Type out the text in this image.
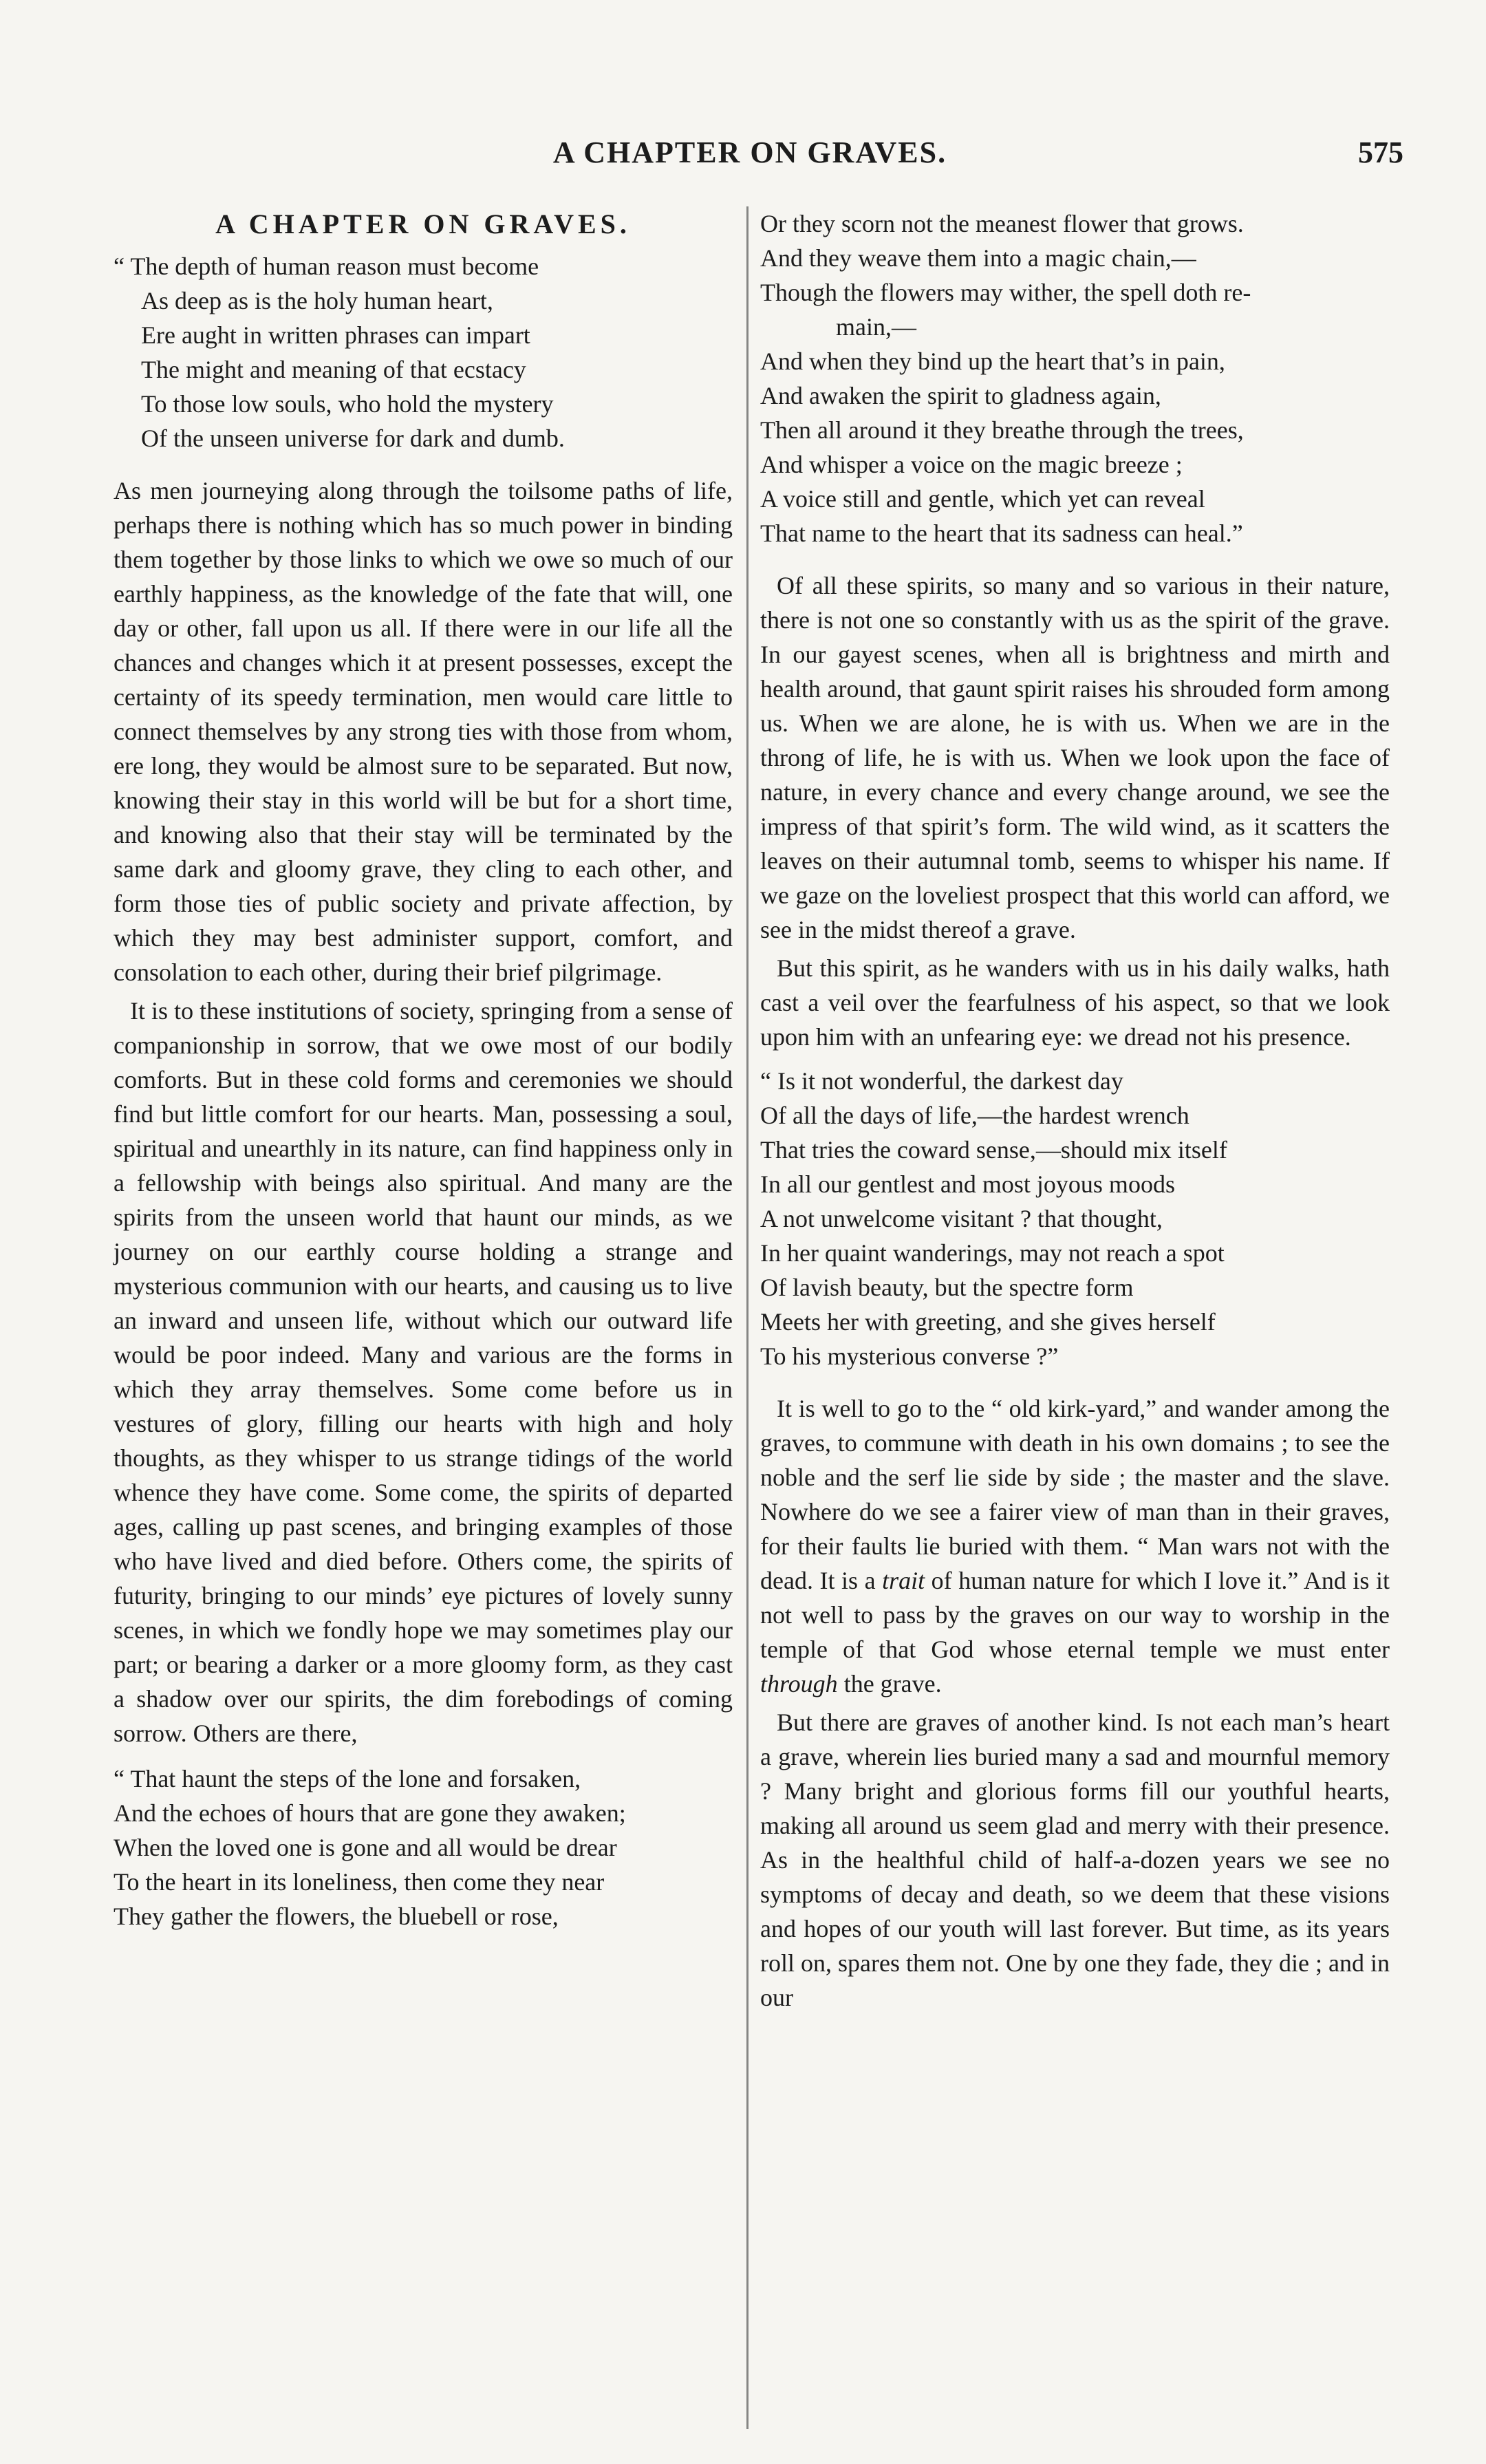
A CHAPTER ON GRAVES.	575
A CHAPTER ON GRAVES.
“ The depth of human reason must become
As deep as is the holy human heart,
Ere aught in written phrases can impart
The might and meaning of that ecstacy
To those low souls, who hold the mystery
Of the unseen universe for dark and dumb.

As men journeying along through the toilsome paths of life, perhaps there is nothing which has so much power in binding them together by those links to which we owe so much of our earthly happiness, as the knowledge of the fate that will, one day or other, fall upon us all. If there were in our life all the chances and changes which it at present possesses, except the certainty of its speedy termination, men would care little to connect themselves by any strong ties with those from whom, ere long, they would be almost sure to be separated. But now, knowing their stay in this world will be but for a short time, and knowing also that their stay will be terminated by the same dark and gloomy grave, they cling to each other, and form those ties of public society and private affection, by which they may best administer support, comfort, and consolation to each other, during their brief pilgrimage.

It is to these institutions of society, springing from a sense of companionship in sorrow, that we owe most of our bodily comforts. But in these cold forms and ceremonies we should find but little comfort for our hearts. Man, possessing a soul, spiritual and unearthly in its nature, can find happiness only in a fellowship with beings also spiritual. And many are the spirits from the unseen world that haunt our minds, as we journey on our earthly course holding a strange and mysterious communion with our hearts, and causing us to live an inward and unseen life, without which our outward life would be poor indeed. Many and various are the forms in which they array themselves. Some come before us in vestures of glory, filling our hearts with high and holy thoughts, as they whisper to us strange tidings of the world whence they have come. Some come, the spirits of departed ages, calling up past scenes, and bringing examples of those who have lived and died before. Others come, the spirits of futurity, bringing to our minds’ eye pictures of lovely sunny scenes, in which we fondly hope we may sometimes play our part; or bearing a darker or a more gloomy form, as they cast a shadow over our spirits, the dim forebodings of coming sorrow. Others are there,

“ That haunt the steps of the lone and forsaken,
And the echoes of hours that are gone they awaken;
When the loved one is gone and all would be drear
To the heart in its loneliness, then come they near
They gather the flowers, the bluebell or rose,
Or they scorn not the meanest flower that grows.
And they weave them into a magic chain,—
Though the flowers may wither, the spell doth re-
main,—
And when they bind up the heart that’s in pain,
And awaken the spirit to gladness again,
Then all around it they breathe through the trees,
And whisper a voice on the magic breeze ;
A voice still and gentle, which yet can reveal
That name to the heart that its sadness can heal.”

Of all these spirits, so many and so various in their nature, there is not one so constantly with us as the spirit of the grave. In our gayest scenes, when all is brightness and mirth and health around, that gaunt spirit raises his shrouded form among us. When we are alone, he is with us. When we are in the throng of life, he is with us. When we look upon the face of nature, in every chance and every change around, we see the impress of that spirit’s form. The wild wind, as it scatters the leaves on their autumnal tomb, seems to whisper his name. If we gaze on the loveliest prospect that this world can afford, we see in the midst thereof a grave.

But this spirit, as he wanders with us in his daily walks, hath cast a veil over the fearfulness of his aspect, so that we look upon him with an unfearing eye: we dread not his presence.

“ Is it not wonderful, the darkest day
Of all the days of life,—the hardest wrench
That tries the coward sense,—should mix itself
In all our gentlest and most joyous moods
A not unwelcome visitant ? that thought,
In her quaint wanderings, may not reach a spot
Of lavish beauty, but the spectre form
Meets her with greeting, and she gives herself
To his mysterious converse ?”

It is well to go to the “ old kirk-yard,” and wander among the graves, to commune with death in his own domains ; to see the noble and the serf lie side by side ; the master and the slave. Nowhere do we see a fairer view of man than in their graves, for their faults lie buried with them. “ Man wars not with the dead. It is a trait of human nature for which I love it.” And is it not well to pass by the graves on our way to worship in the temple of that God whose eternal temple we must enter through the grave.

But there are graves of another kind. Is not each man’s heart a grave, wherein lies buried many a sad and mournful memory ? Many bright and glorious forms fill our youthful hearts, making all around us seem glad and merry with their presence. As in the healthful child of half-a-dozen years we see no symptoms of decay and death, so we deem that these visions and hopes of our youth will last forever. But time, as its years roll on, spares them not. One by one they fade, they die ; and in our
